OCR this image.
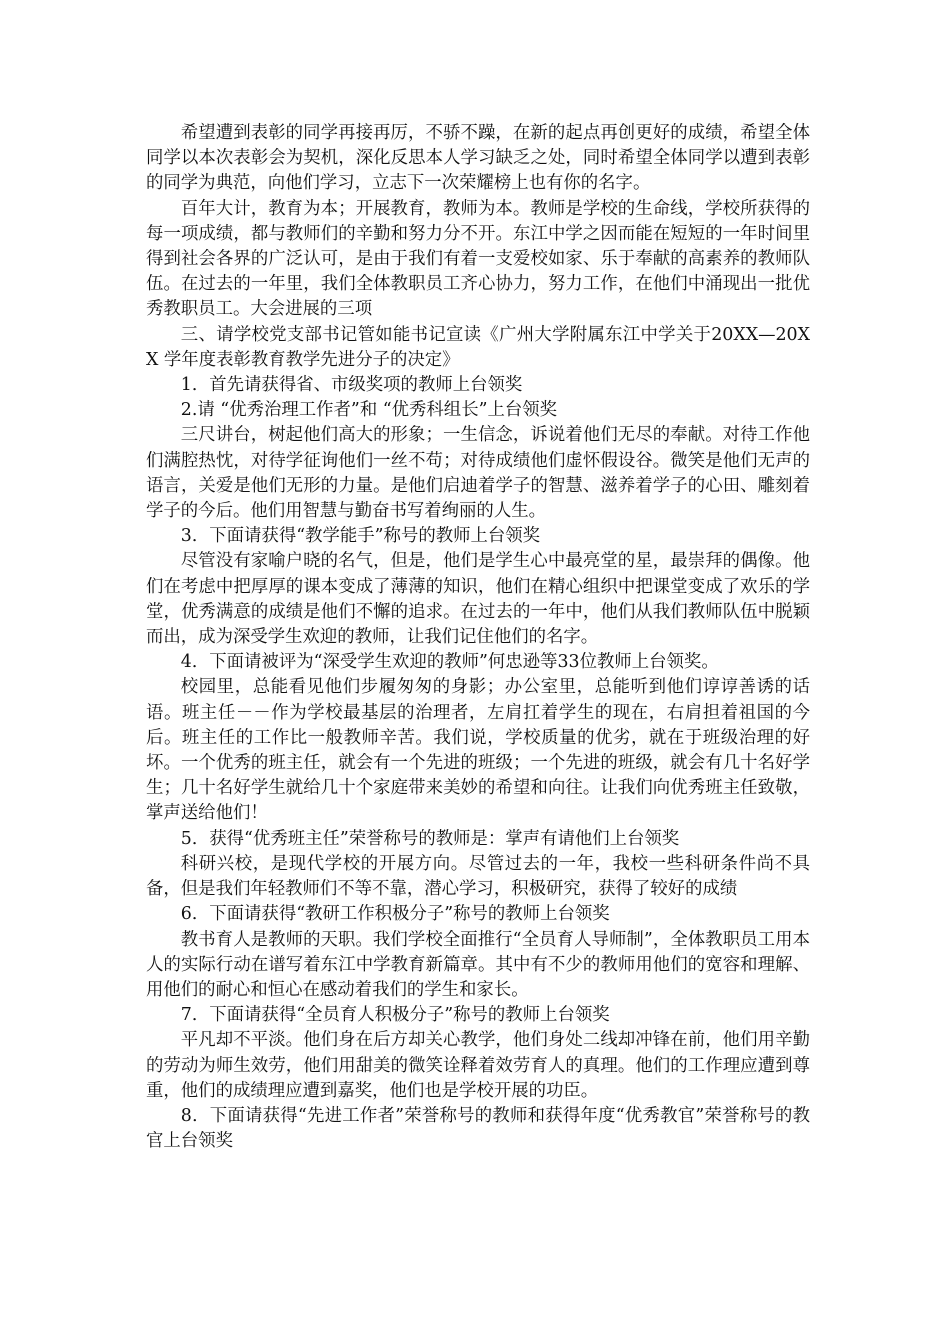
希望遭到表彰的同学再接再厉，不骄不躁，在新的起点再创更好的成绩，希望全体同学以本次表彰会为契机，深化反思本人学习缺乏之处，同时希望全体同学以遭到表彰的同学为典范，向他们学习，立志下一次荣耀榜上也有你的名字。

百年大计，教育为本；开展教育，教师为本。教师是学校的生命线，学校所获得的每一项成绩，都与教师们的辛勤和努力分不开。东江中学之因而能在短短的一年时间里得到社会各界的广泛认可，是由于我们有着一支爱校如家、乐于奉献的高素养的教师队伍。在过去的一年里，我们全体教职员工齐心协力，努力工作，在他们中涌现出一批优秀教职员工。大会进展的三项

三、请学校党支部书记管如能书记宣读《广州大学附属东江中学关于20XX—20XX 学年度表彰教育教学先进分子的决定》

1．首先请获得省、市级奖项的教师上台领奖

2.请 “优秀治理工作者”和 “优秀科组长”上台领奖

三尺讲台，树起他们高大的形象；一生信念，诉说着他们无尽的奉献。对待工作他们满腔热忱，对待学征询他们一丝不苟；对待成绩他们虚怀假设谷。微笑是他们无声的语言，关爱是他们无形的力量。是他们启迪着学子的智慧、滋养着学子的心田、雕刻着学子的今后。他们用智慧与勤奋书写着绚丽的人生。

3．下面请获得“教学能手”称号的教师上台领奖

尽管没有家喻户晓的名气，但是，他们是学生心中最亮堂的星，最崇拜的偶像。他们在考虑中把厚厚的课本变成了薄薄的知识，他们在精心组织中把课堂变成了欢乐的学堂，优秀满意的成绩是他们不懈的追求。在过去的一年中，他们从我们教师队伍中脱颖而出，成为深受学生欢迎的教师，让我们记住他们的名字。

4．下面请被评为“深受学生欢迎的教师”何忠逊等33位教师上台领奖。

校园里，总能看见他们步履匆匆的身影；办公室里，总能听到他们谆谆善诱的话语。班主任－－作为学校最基层的治理者，左肩扛着学生的现在，右肩担着祖国的今后。班主任的工作比一般教师辛苦。我们说，学校质量的优劣，就在于班级治理的好坏。一个优秀的班主任，就会有一个先进的班级；一个先进的班级，就会有几十名好学生；几十名好学生就给几十个家庭带来美妙的希望和向往。让我们向优秀班主任致敬，掌声送给他们！

5．获得“优秀班主任”荣誉称号的教师是：掌声有请他们上台领奖

科研兴校，是现代学校的开展方向。尽管过去的一年，我校一些科研条件尚不具备，但是我们年轻教师们不等不靠，潜心学习，积极研究，获得了较好的成绩

6．下面请获得“教研工作积极分子”称号的教师上台领奖

教书育人是教师的天职。我们学校全面推行“全员育人导师制”，全体教职员工用本人的实际行动在谱写着东江中学教育新篇章。其中有不少的教师用他们的宽容和理解、用他们的耐心和恒心在感动着我们的学生和家长。

7．下面请获得“全员育人积极分子”称号的教师上台领奖

平凡却不平淡。他们身在后方却关心教学，他们身处二线却冲锋在前，他们用辛勤的劳动为师生效劳，他们用甜美的微笑诠释着效劳育人的真理。他们的工作理应遭到尊重，他们的成绩理应遭到嘉奖，他们也是学校开展的功臣。

8．下面请获得“先进工作者”荣誉称号的教师和获得年度“优秀教官”荣誉称号的教官上台领奖
